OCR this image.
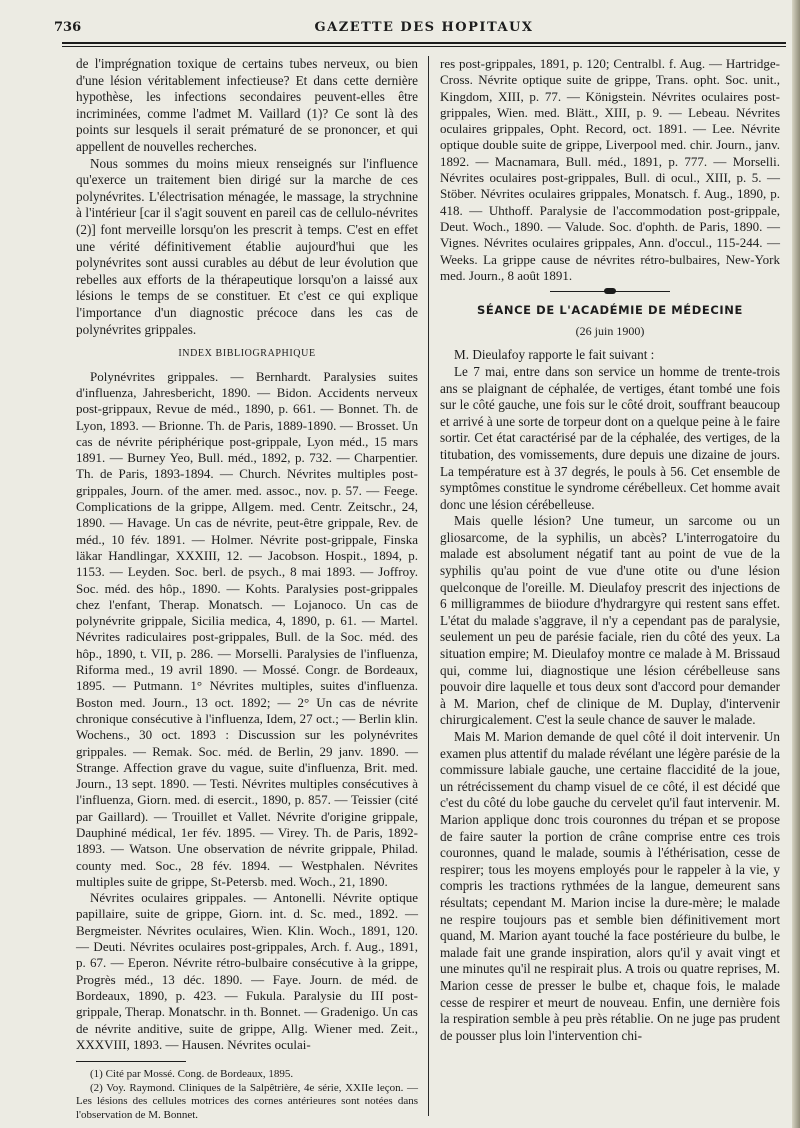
736	GAZETTE DES HOPITAUX

de l'imprégnation toxique de certains tubes nerveux, ou bien d'une lésion véritablement infectieuse? Et dans cette dernière hypothèse, les infections secondaires peuvent-elles être incriminées, comme l'admet M. Vaillard (1)? Ce sont là des points sur lesquels il serait prématuré de se prononcer, et qui appellent de nouvelles recherches.

Nous sommes du moins mieux renseignés sur l'influence qu'exerce un traitement bien dirigé sur la marche de ces polynévrites. L'électrisation ménagée, le massage, la strychnine à l'intérieur [car il s'agit souvent en pareil cas de cellulo-névrites (2)] font merveille lorsqu'on les prescrit à temps. C'est en effet une vérité définitivement établie aujourd'hui que les polynévrites sont aussi curables au début de leur évolution que rebelles aux efforts de la thérapeutique lorsqu'on a laissé aux lésions le temps de se constituer. Et c'est ce qui explique l'importance d'un diagnostic précoce dans les cas de polynévrites grippales.

INDEX BIBLIOGRAPHIQUE

Polynévrites grippales. — Bernhardt. Paralysies suites d'influenza, Jahresbericht, 1890. — Bidon. Accidents nerveux post-grippaux, Revue de méd., 1890, p. 661. — Bonnet. Th. de Lyon, 1893. — Brionne. Th. de Paris, 1889-1890. — Brosset. Un cas de névrite périphérique post-grippale, Lyon méd., 15 mars 1891. — Burney Yeo, Bull. méd., 1892, p. 732. — Charpentier. Th. de Paris, 1893-1894. — Church. Névrites multiples post-grippales, Journ. of the amer. med. assoc., nov. p. 57. — Feege. Complications de la grippe, Allgem. med. Centr. Zeitschr., 24, 1890. — Havage. Un cas de névrite, peut-être grippale, Rev. de méd., 10 fév. 1891. — Holmer. Névrite post-grippale, Finska läkar Handlingar, XXXIII, 12. — Jacobson. Hospit., 1894, p. 1153. — Leyden. Soc. berl. de psych., 8 mai 1893. — Joffroy. Soc. méd. des hôp., 1890. — Kohts. Paralysies post-grippales chez l'enfant, Therap. Monatsch. — Lojanoco. Un cas de polynévrite grippale, Sicilia medica, 4, 1890, p. 61. — Martel. Névrites radiculaires post-grippales, Bull. de la Soc. méd. des hôp., 1890, t. VII, p. 286. — Morselli. Paralysies de l'influenza, Riforma med., 19 avril 1890. — Mossé. Congr. de Bordeaux, 1895. — Putmann. 1° Névrites multiples, suites d'influenza. Boston med. Journ., 13 oct. 1892; — 2° Un cas de névrite chronique consécutive à l'influenza, Idem, 27 oct.; — Berlin klin. Wochens., 30 oct. 1893 : Discussion sur les polynévrites grippales. — Remak. Soc. méd. de Berlin, 29 janv. 1890. — Strange. Affection grave du vague, suite d'influenza, Brit. med. Journ., 13 sept. 1890. — Testi. Névrites multiples consécutives à l'influenza, Giorn. med. di esercit., 1890, p. 857. — Teissier (cité par Gaillard). — Trouillet et Vallet. Névrite d'origine grippale, Dauphiné médical, 1er fév. 1895. — Virey. Th. de Paris, 1892-1893. — Watson. Une observation de névrite grippale, Philad. county med. Soc., 28 fév. 1894. — Westphalen. Névrites multiples suite de grippe, St-Petersb. med. Woch., 21, 1890.

Névrites oculaires grippales. — Antonelli. Névrite optique papillaire, suite de grippe, Giorn. int. d. Sc. med., 1892. — Bergmeister. Névrites oculaires, Wien. Klin. Woch., 1891, 120. — Deuti. Névrites oculaires post-grippales, Arch. f. Aug., 1891, p. 67. — Eperon. Névrite rétro-bulbaire consécutive à la grippe, Progrès méd., 13 déc. 1890. — Faye. Journ. de méd. de Bordeaux, 1890, p. 423. — Fukula. Paralysie du III post-grippale, Therap. Monatschr. in th. Bonnet. — Gradenigo. Un cas de névrite anditive, suite de grippe, Allg. Wiener med. Zeit., XXXVIII, 1893. — Hausen. Névrites oculai-

(1) Cité par Mossé. Cong. de Bordeaux, 1895.

(2) Voy. Raymond. Cliniques de la Salpêtrière, 4e série, XXIIe leçon. — Les lésions des cellules motrices des cornes antérieures sont notées dans l'observation de M. Bonnet.

res post-grippales, 1891, p. 120; Centralbl. f. Aug. — Hartridge-Cross. Névrite optique suite de grippe, Trans. opht. Soc. unit., Kingdom, XIII, p. 77. — Königstein. Névrites oculaires post-grippales, Wien. med. Blätt., XIII, p. 9. — Lebeau. Névrites oculaires grippales, Opht. Record, oct. 1891. — Lee. Névrite optique double suite de grippe, Liverpool med. chir. Journ., janv. 1892. — Macnamara, Bull. méd., 1891, p. 777. — Morselli. Névrites oculaires post-grippales, Bull. di ocul., XIII, p. 5. — Stöber. Névrites oculaires grippales, Monatsch. f. Aug., 1890, p. 418. — Uhthoff. Paralysie de l'accommodation post-grippale, Deut. Woch., 1890. — Valude. Soc. d'ophth. de Paris, 1890. — Vignes. Névrites oculaires grippales, Ann. d'occul., 115-244. — Weeks. La grippe cause de névrites rétro-bulbaires, New-York med. Journ., 8 août 1891.

SÉANCE DE L'ACADÉMIE DE MÉDECINE
(26 juin 1900)

M. Dieulafoy rapporte le fait suivant :

Le 7 mai, entre dans son service un homme de trente-trois ans se plaignant de céphalée, de vertiges, étant tombé une fois sur le côté gauche, une fois sur le côté droit, souffrant beaucoup et arrivé à une sorte de torpeur dont on a quelque peine à le faire sortir. Cet état caractérisé par de la céphalée, des vertiges, de la titubation, des vomissements, dure depuis une dizaine de jours. La température est à 37 degrés, le pouls à 56. Cet ensemble de symptômes constitue le syndrome cérébelleux. Cet homme avait donc une lésion cérébelleuse.

Mais quelle lésion? Une tumeur, un sarcome ou un gliosarcome, de la syphilis, un abcès? L'interrogatoire du malade est absolument négatif tant au point de vue de la syphilis qu'au point de vue d'une otite ou d'une lésion quelconque de l'oreille. M. Dieulafoy prescrit des injections de 6 milligrammes de biiodure d'hydrargyre qui restent sans effet. L'état du malade s'aggrave, il n'y a cependant pas de paralysie, seulement un peu de parésie faciale, rien du côté des yeux. La situation empire; M. Dieulafoy montre ce malade à M. Brissaud qui, comme lui, diagnostique une lésion cérébelleuse sans pouvoir dire laquelle et tous deux sont d'accord pour demander à M. Marion, chef de clinique de M. Duplay, d'intervenir chirurgicalement. C'est la seule chance de sauver le malade.

Mais M. Marion demande de quel côté il doit intervenir. Un examen plus attentif du malade révélant une légère parésie de la commissure labiale gauche, une certaine flaccidité de la joue, un rétrécissement du champ visuel de ce côté, il est décidé que c'est du côté du lobe gauche du cervelet qu'il faut intervenir. M. Marion applique donc trois couronnes du trépan et se propose de faire sauter la portion de crâne comprise entre ces trois couronnes, quand le malade, soumis à l'éthérisation, cesse de respirer; tous les moyens employés pour le rappeler à la vie, y compris les tractions rythmées de la langue, demeurent sans résultats; cependant M. Marion incise la dure-mère; le malade ne respire toujours pas et semble bien définitivement mort quand, M. Marion ayant touché la face postérieure du bulbe, le malade fait une grande inspiration, alors qu'il y avait vingt et une minutes qu'il ne respirait plus. A trois ou quatre reprises, M. Marion cesse de presser le bulbe et, chaque fois, le malade cesse de respirer et meurt de nouveau. Enfin, une dernière fois la respiration semble à peu près rétablie. On ne juge pas prudent de pousser plus loin l'intervention chi-
